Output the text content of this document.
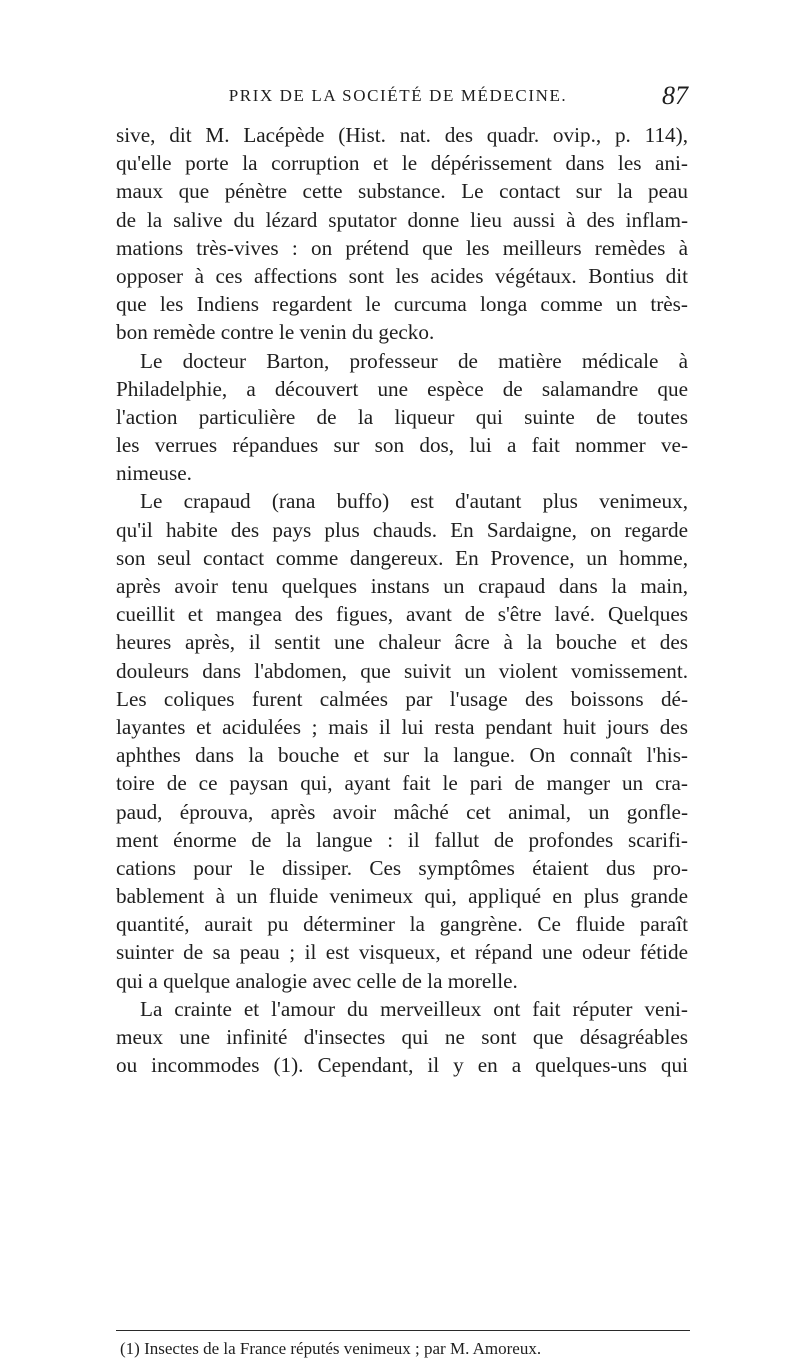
PRIX DE LA SOCIÉTÉ DE MÉDECINE.	87
sive, dit M. Lacépède (Hist. nat. des quadr. ovip., p. 114),
qu'elle porte la corruption et le dépérissement dans les ani-
maux que pénètre cette substance. Le contact sur la peau
de la salive du lézard sputator donne lieu aussi à des inflam-
mations très-vives : on prétend que les meilleurs remèdes à
opposer à ces affections sont les acides végétaux. Bontius dit
que les Indiens regardent le curcuma longa comme un très-
bon remède contre le venin du gecko.
Le docteur Barton, professeur de matière médicale à
Philadelphie, a découvert une espèce de salamandre que
l'action particulière de la liqueur qui suinte de toutes
les verrues répandues sur son dos, lui a fait nommer ve-
nimeuse.
Le crapaud (rana buffo) est d'autant plus venimeux,
qu'il habite des pays plus chauds. En Sardaigne, on regarde
son seul contact comme dangereux. En Provence, un homme,
après avoir tenu quelques instans un crapaud dans la main,
cueillit et mangea des figues, avant de s'être lavé. Quelques
heures après, il sentit une chaleur âcre à la bouche et des
douleurs dans l'abdomen, que suivit un violent vomissement.
Les coliques furent calmées par l'usage des boissons dé-
layantes et acidulées ; mais il lui resta pendant huit jours des
aphthes dans la bouche et sur la langue. On connaît l'his-
toire de ce paysan qui, ayant fait le pari de manger un cra-
paud, éprouva, après avoir mâché cet animal, un gonfle-
ment énorme de la langue : il fallut de profondes scarifi-
cations pour le dissiper. Ces symptômes étaient dus pro-
bablement à un fluide venimeux qui, appliqué en plus grande
quantité, aurait pu déterminer la gangrène. Ce fluide paraît
suinter de sa peau ; il est visqueux, et répand une odeur fétide
qui a quelque analogie avec celle de la morelle.
La crainte et l'amour du merveilleux ont fait réputer veni-
meux une infinité d'insectes qui ne sont que désagréables
ou incommodes (1). Cependant, il y en a quelques-uns qui
(1) Insectes de la France réputés venimeux ; par M. Amoreux.
